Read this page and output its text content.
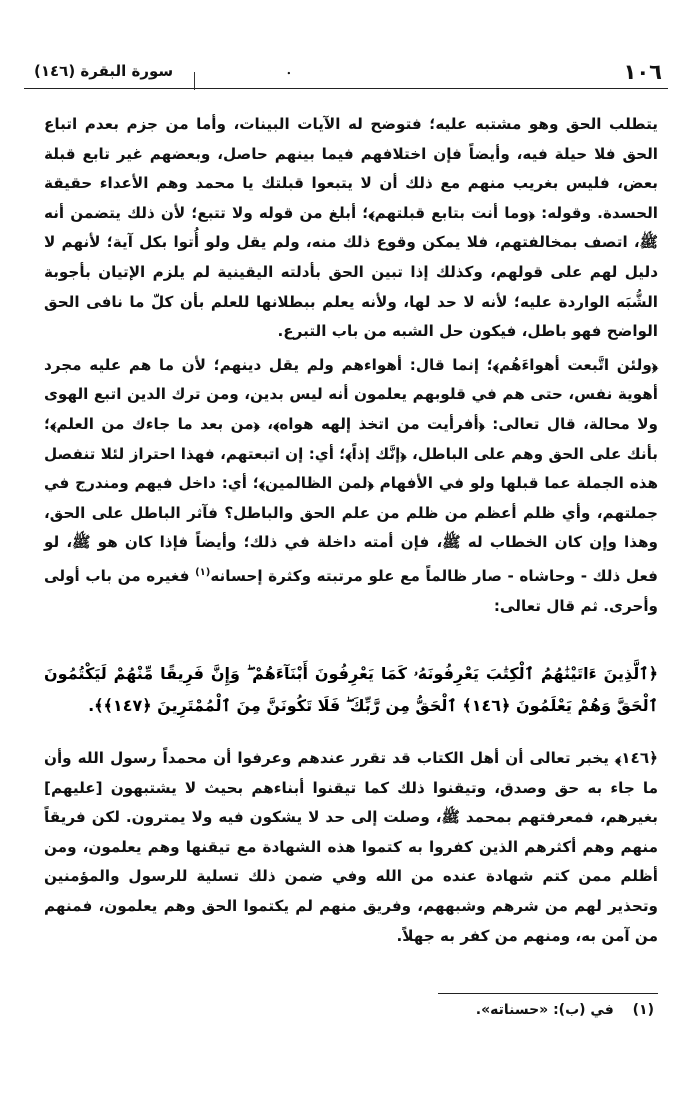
١٠٦
.
سورة البقرة (١٤٦)

يتطلب الحق وهو مشتبه عليه؛ فتوضح له الآيات البينات، وأما من جزم بعدم اتباع الحق فلا حيلة فيه، وأيضاً فإن اختلافهم فيما بينهم حاصل، وبعضهم غير تابع قبلة بعض، فليس بغريب منهم مع ذلك أن لا يتبعوا قبلتك يا محمد وهم الأعداء حقيقة الحسدة. وقوله: ﴿وما أنت بتابع قبلتهم﴾؛ أبلغ من قوله ولا تتبع؛ لأن ذلك يتضمن أنه ﷺ، اتصف بمخالفتهم، فلا يمكن وقوع ذلك منه، ولم يقل ولو أُتوا بكل آية؛ لأنهم لا دليل لهم على قولهم، وكذلك إذا تبين الحق بأدلته اليقينية لم يلزم الإتيان بأجوبة الشُّبَه الواردة عليه؛ لأنه لا حد لها، ولأنه يعلم ببطلانها للعلم بأن كلّ ما نافى الحق الواضح فهو باطل، فيكون حل الشبه من باب التبرع.

﴿ولئن اتَّبعت أهواءَهُم﴾؛ إنما قال: أهواءهم ولم يقل دينهم؛ لأن ما هم عليه مجرد أهوية نفس، حتى هم في قلوبهم يعلمون أنه ليس بدين، ومن ترك الدين اتبع الهوى ولا محالة، قال تعالى: ﴿أفرأيت من اتخذ إلهه هواه﴾، ﴿من بعد ما جاءك من العلم﴾؛ بأنك على الحق وهم على الباطل، ﴿إنَّك إذاً﴾؛ أي: إن اتبعتهم، فهذا احتراز لئلا تنفصل هذه الجملة عما قبلها ولو في الأفهام ﴿لمن الظالمين﴾؛ أي: داخل فيهم ومندرج في جملتهم، وأي ظلم أعظم من ظلم من علم الحق والباطل؟ فآثر الباطل على الحق، وهذا وإن كان الخطاب له ﷺ، فإن أمته داخلة في ذلك؛ وأيضاً فإذا كان هو ﷺ، لو فعل ذلك - وحاشاه - صار ظالماً مع علو مرتبته وكثرة إحسانه$^{(١)}$ فغيره من باب أولى وأحرى. ثم قال تعالى:

﴿ٱلَّذِينَ ءَاتَيْنَٰهُمُ ٱلْكِتَٰبَ يَعْرِفُونَهُۥ كَمَا يَعْرِفُونَ أَبْنَآءَهُمْ ۖ وَإِنَّ فَرِيقًا مِّنْهُمْ لَيَكْتُمُونَ ٱلْحَقَّ وَهُمْ يَعْلَمُونَ ﴿١٤٦﴾ ٱلْحَقُّ مِن رَّبِّكَ ۖ فَلَا تَكُونَنَّ مِنَ ٱلْمُمْتَرِينَ ﴿١٤٧﴾﴾.

﴿١٤٦﴾ يخبر تعالى أن أهل الكتاب قد تقرر عندهم وعرفوا أن محمداً رسول الله وأن ما جاء به حق وصدق، وتيقنوا ذلك كما تيقنوا أبناءهم بحيث لا يشتبهون [عليهم] بغيرهم، فمعرفتهم بمحمد ﷺ، وصلت إلى حد لا يشكون فيه ولا يمترون. لكن فريقاً منهم وهم أكثرهم الذين كفروا به كتموا هذه الشهادة مع تيقنها وهم يعلمون، ومن أظلم ممن كتم شهادة عنده من الله وفي ضمن ذلك تسلية للرسول والمؤمنين وتحذير لهم من شرهم وشبههم، وفريق منهم لم يكتموا الحق وهم يعلمون، فمنهم من آمن به، ومنهم من كفر به جهلاً.

(١) في (ب): «حسناته».
